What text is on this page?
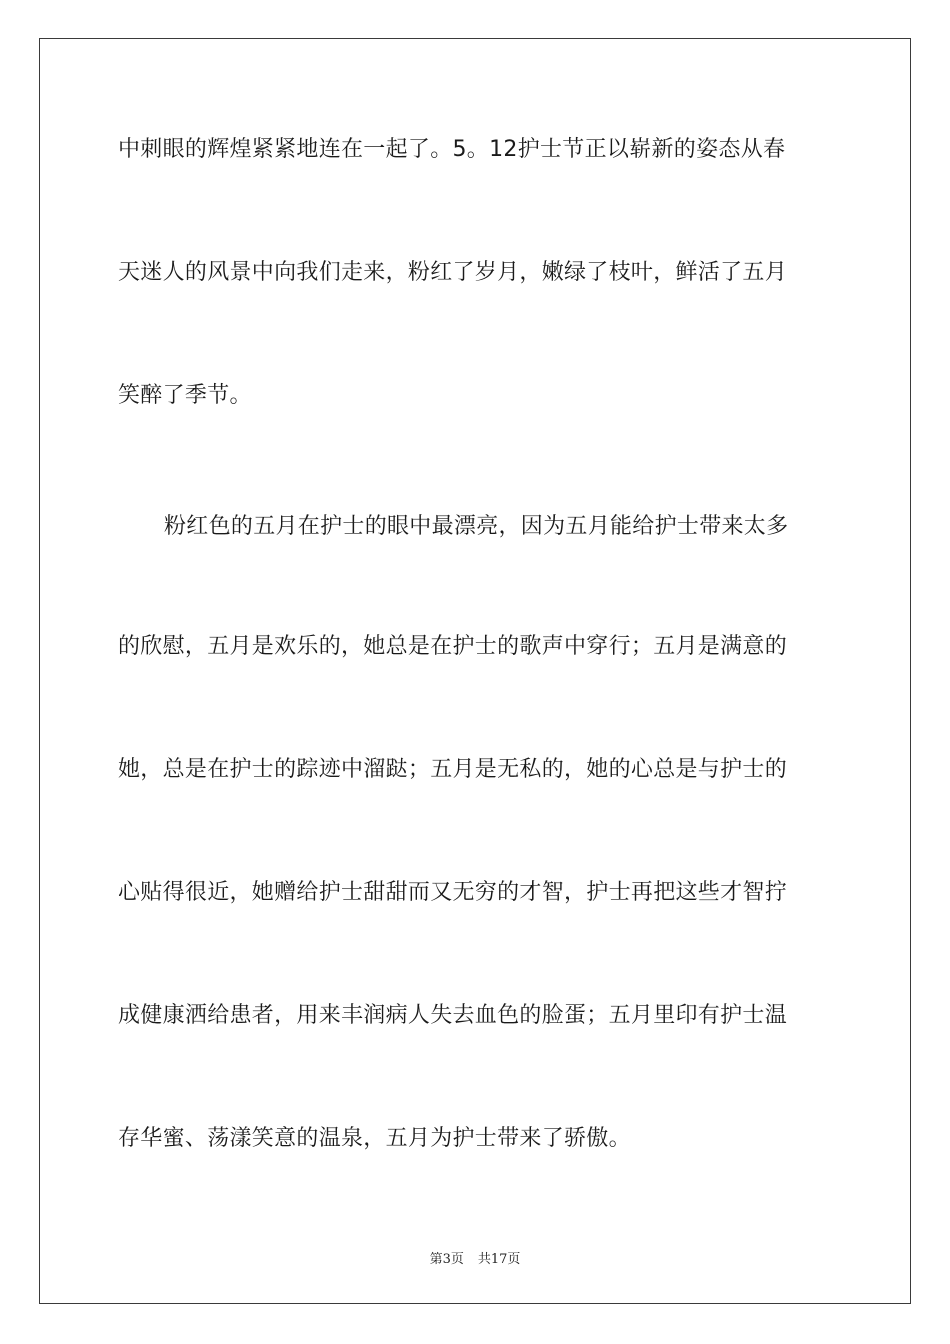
中刺眼的辉煌紧紧地连在一起了。5。12护士节正以崭新的姿态从春
天迷人的风景中向我们走来，粉红了岁月，嫩绿了枝叶，鲜活了五月
笑醉了季节。
粉红色的五月在护士的眼中最漂亮，因为五月能给护士带来太多
的欣慰，五月是欢乐的，她总是在护士的歌声中穿行；五月是满意的
她，总是在护士的踪迹中溜跶；五月是无私的，她的心总是与护士的
心贴得很近，她赠给护士甜甜而又无穷的才智，护士再把这些才智拧
成健康洒给患者，用来丰润病人失去血色的脸蛋；五月里印有护士温
存华蜜、荡漾笑意的温泉，五月为护士带来了骄傲。
第3页 共17页
